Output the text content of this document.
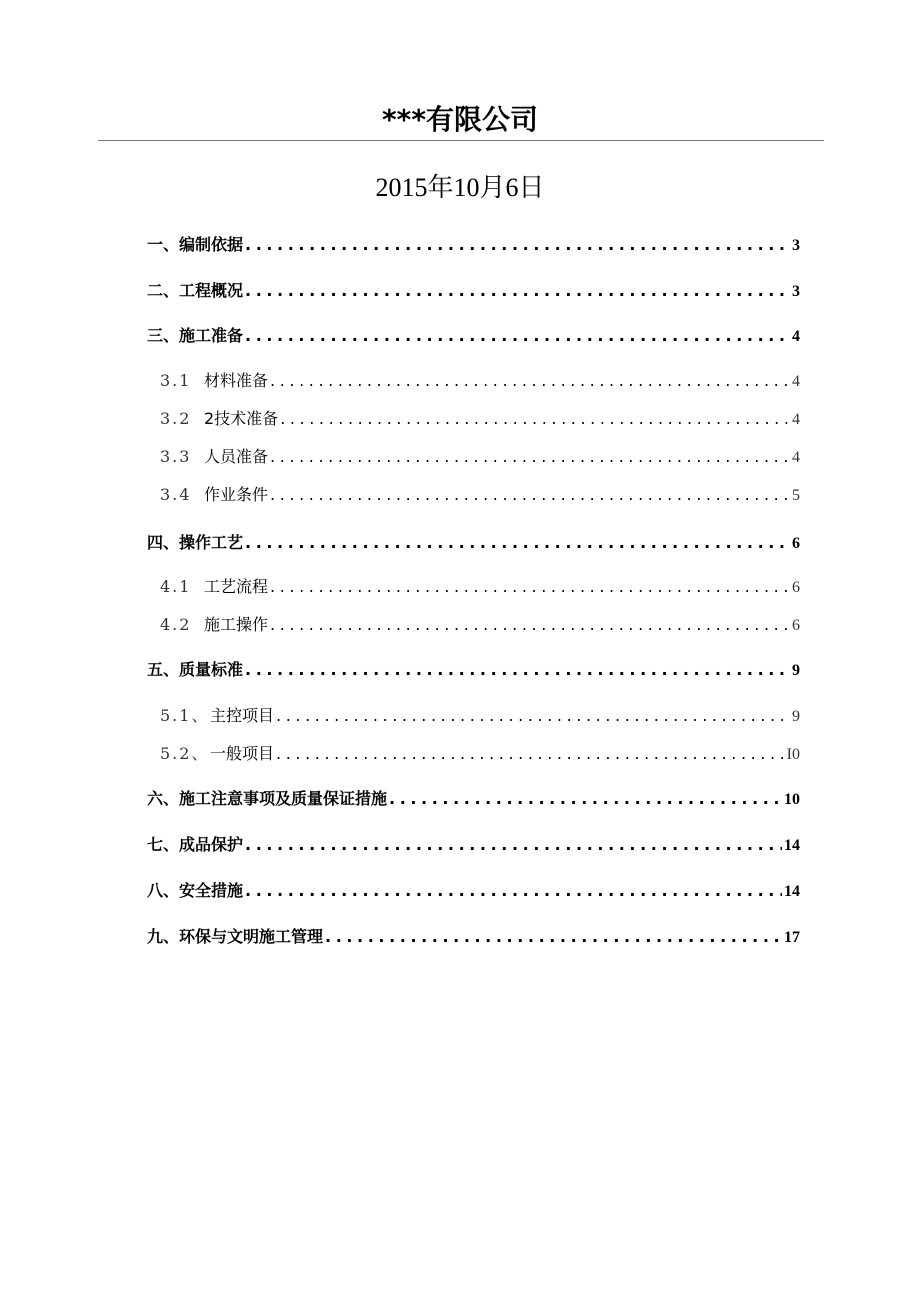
***有限公司
2015年10月6日
一、编制依据 .....	3
二、工程概况 .....	3
三、施工准备 .....	4
3.1 材料准备 .....	4
3.2 2技术准备 .....	4
3.3 人员准备 .....	4
3.4 作业条件 .....	5
四、操作工艺 .....	6
4.1 工艺流程 .....	6
4.2 施工操作 .....	6
五、质量标准 .....	9
5.1、 主控项目 .....	9
5.2、 一般项目 .....	I0
六、施工注意事项及质量保证措施 .....	10
七、成品保护 .....	14
八、安全措施 .....	14
九、环保与文明施工管理 .....	17
